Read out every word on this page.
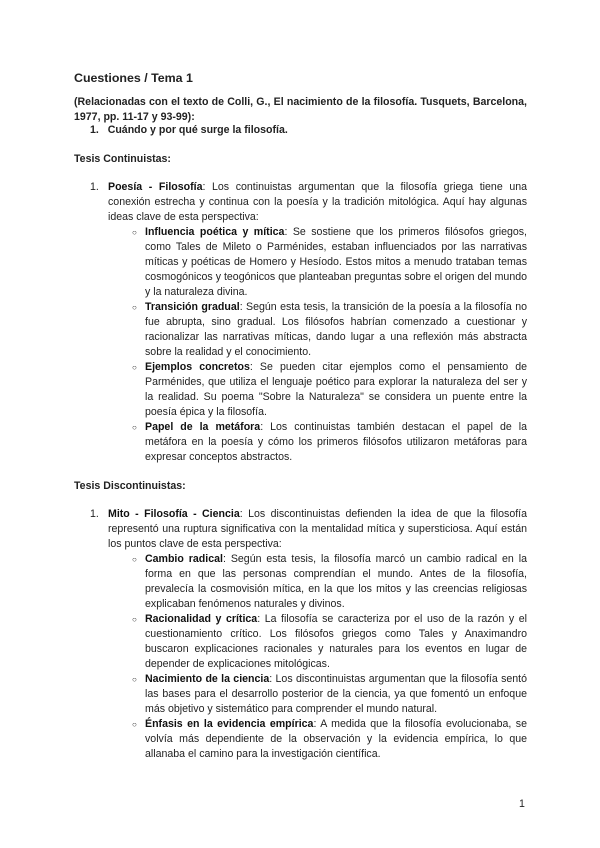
Cuestiones / Tema 1
(Relacionadas con el texto de Colli, G., El nacimiento de la filosofía. Tusquets, Barcelona, 1977, pp. 11-17 y 93-99):
1. Cuándo y por qué surge la filosofía.
Tesis Continuistas:
1. Poesía - Filosofía: Los continuistas argumentan que la filosofía griega tiene una conexión estrecha y continua con la poesía y la tradición mitológica. Aquí hay algunas ideas clave de esta perspectiva:
○ Influencia poética y mítica: Se sostiene que los primeros filósofos griegos, como Tales de Mileto o Parménides, estaban influenciados por las narrativas míticas y poéticas de Homero y Hesíodo. Estos mitos a menudo trataban temas cosmogónicos y teogónicos que planteaban preguntas sobre el origen del mundo y la naturaleza divina.
○ Transición gradual: Según esta tesis, la transición de la poesía a la filosofía no fue abrupta, sino gradual. Los filósofos habrían comenzado a cuestionar y racionalizar las narrativas míticas, dando lugar a una reflexión más abstracta sobre la realidad y el conocimiento.
○ Ejemplos concretos: Se pueden citar ejemplos como el pensamiento de Parménides, que utiliza el lenguaje poético para explorar la naturaleza del ser y la realidad. Su poema "Sobre la Naturaleza" se considera un puente entre la poesía épica y la filosofía.
○ Papel de la metáfora: Los continuistas también destacan el papel de la metáfora en la poesía y cómo los primeros filósofos utilizaron metáforas para expresar conceptos abstractos.
Tesis Discontinuistas:
1. Mito - Filosofía - Ciencia: Los discontinuistas defienden la idea de que la filosofía representó una ruptura significativa con la mentalidad mítica y supersticiosa. Aquí están los puntos clave de esta perspectiva:
○ Cambio radical: Según esta tesis, la filosofía marcó un cambio radical en la forma en que las personas comprendían el mundo. Antes de la filosofía, prevalecía la cosmovisión mítica, en la que los mitos y las creencias religiosas explicaban fenómenos naturales y divinos.
○ Racionalidad y crítica: La filosofía se caracteriza por el uso de la razón y el cuestionamiento crítico. Los filósofos griegos como Tales y Anaximandro buscaron explicaciones racionales y naturales para los eventos en lugar de depender de explicaciones mitológicas.
○ Nacimiento de la ciencia: Los discontinuistas argumentan que la filosofía sentó las bases para el desarrollo posterior de la ciencia, ya que fomentó un enfoque más objetivo y sistemático para comprender el mundo natural.
○ Énfasis en la evidencia empírica: A medida que la filosofía evolucionaba, se volvía más dependiente de la observación y la evidencia empírica, lo que allanaba el camino para la investigación científica.
1
